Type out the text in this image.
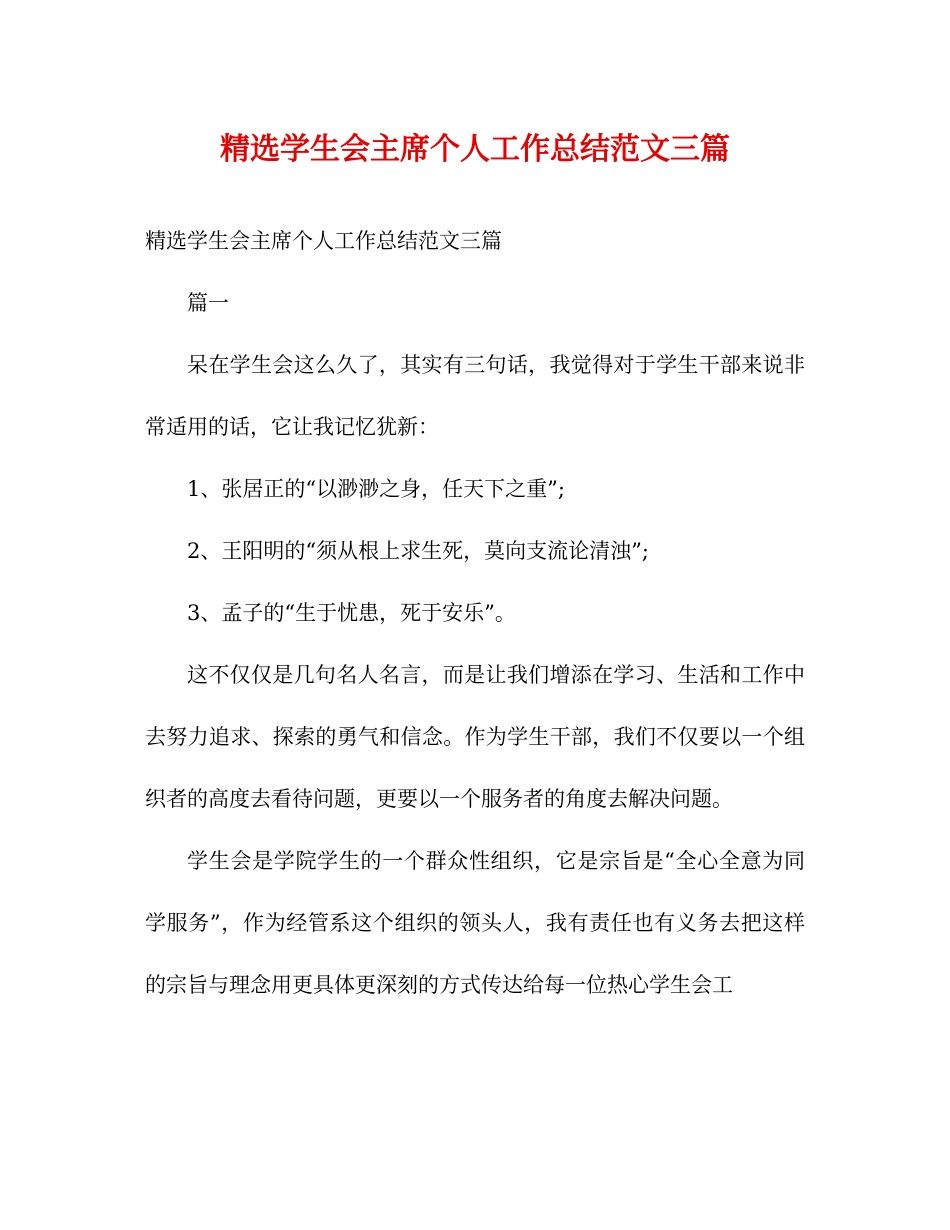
精选学生会主席个人工作总结范文三篇

精选学生会主席个人工作总结范文三篇

篇一

呆在学生会这么久了，其实有三句话，我觉得对于学生干部来说非常适用的话，它让我记忆犹新：

1、张居正的“以渺渺之身，任天下之重”;

2、王阳明的“须从根上求生死，莫向支流论清浊”;

3、孟子的“生于忧患，死于安乐”。

这不仅仅是几句名人名言，而是让我们增添在学习、生活和工作中去努力追求、探索的勇气和信念。作为学生干部，我们不仅要以一个组织者的高度去看待问题，更要以一个服务者的角度去解决问题。

学生会是学院学生的一个群众性组织，它是宗旨是“全心全意为同学服务”，作为经管系这个组织的领头人，我有责任也有义务去把这样的宗旨与理念用更具体更深刻的方式传达给每一位热心学生会工
